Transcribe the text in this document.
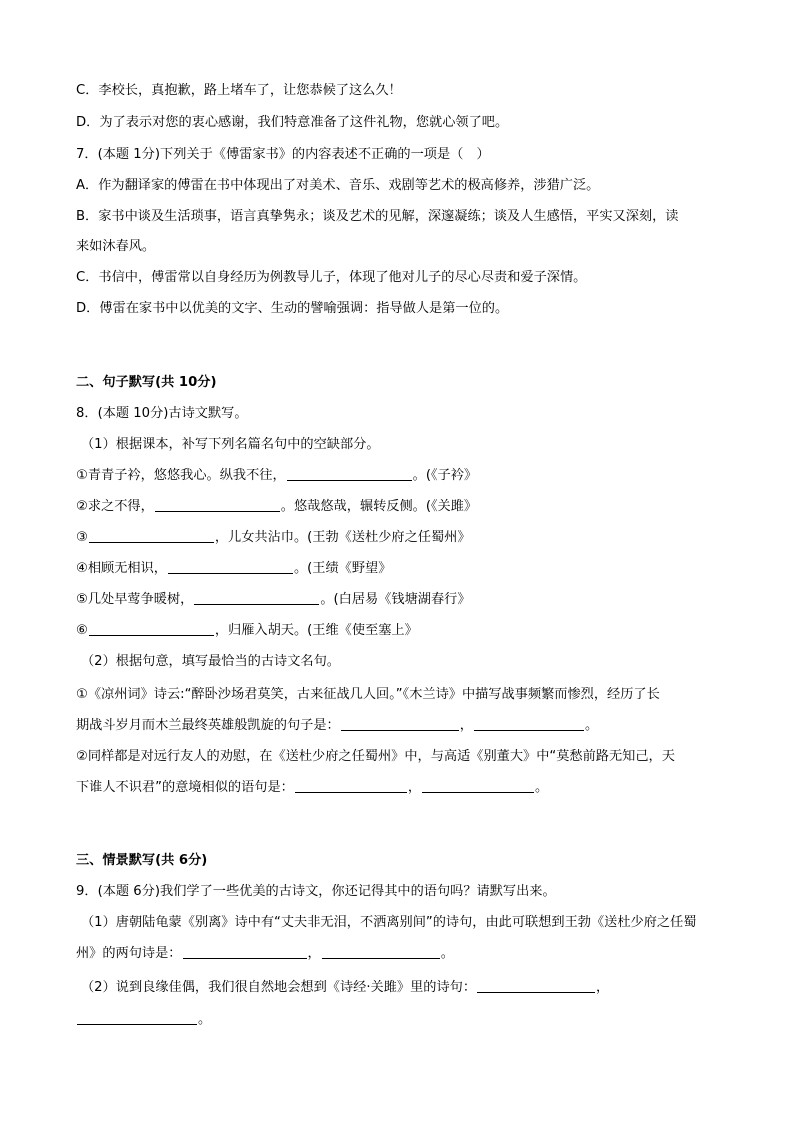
C．李校长，真抱歉，路上堵车了，让您恭候了这么久！
D．为了表示对您的衷心感谢，我们特意准备了这件礼物，您就心领了吧。
7．(本题 1分)下列关于《傅雷家书》的内容表述不正确的一项是（　）
A．作为翻译家的傅雷在书中体现出了对美术、音乐、戏剧等艺术的极高修养，涉猎广泛。
B．家书中谈及生活琐事，语言真挚隽永；谈及艺术的见解，深邃凝练；谈及人生感悟，平实又深刻，读
来如沐春风。
C．书信中，傅雷常以自身经历为例教导儿子，体现了他对儿子的尽心尽责和爱子深情。
D．傅雷在家书中以优美的文字、生动的譬喻强调：指导做人是第一位的。
二、句子默写(共 10分)
8．(本题 10分)古诗文默写。
（1）根据课本，补写下列名篇名句中的空缺部分。
①青青子衿，悠悠我心。纵我不往，	。(《子衿》
②求之不得，	。悠哉悠哉，辗转反侧。(《关雎》
③	，儿女共沾巾。(王勃《送杜少府之任蜀州》
④相顾无相识，	。(王绩《野望》
⑤几处早莺争暖树，	。(白居易《钱塘湖春行》
⑥	，归雁入胡天。(王维《使至塞上》
（2）根据句意，填写最恰当的古诗文名句。
①《凉州词》诗云:“醉卧沙场君莫笑，古来征战几人回。”《木兰诗》中描写战事频繁而惨烈，经历了长
期战斗岁月而木兰最终英雄般凯旋的句子是：	，	。
②同样都是对远行友人的劝慰，在《送杜少府之任蜀州》中，与高适《别董大》中“莫愁前路无知己，天
下谁人不识君”的意境相似的语句是：	，	。
三、情景默写(共 6分)
9．(本题 6分)我们学了一些优美的古诗文，你还记得其中的语句吗？请默写出来。
（1）唐朝陆龟蒙《别离》诗中有“丈夫非无泪，不洒离别间”的诗句，由此可联想到王勃《送杜少府之任蜀
州》的两句诗是：	，	。
（2）说到良缘佳偶，我们很自然地会想到《诗经·关雎》里的诗句：	，
。
